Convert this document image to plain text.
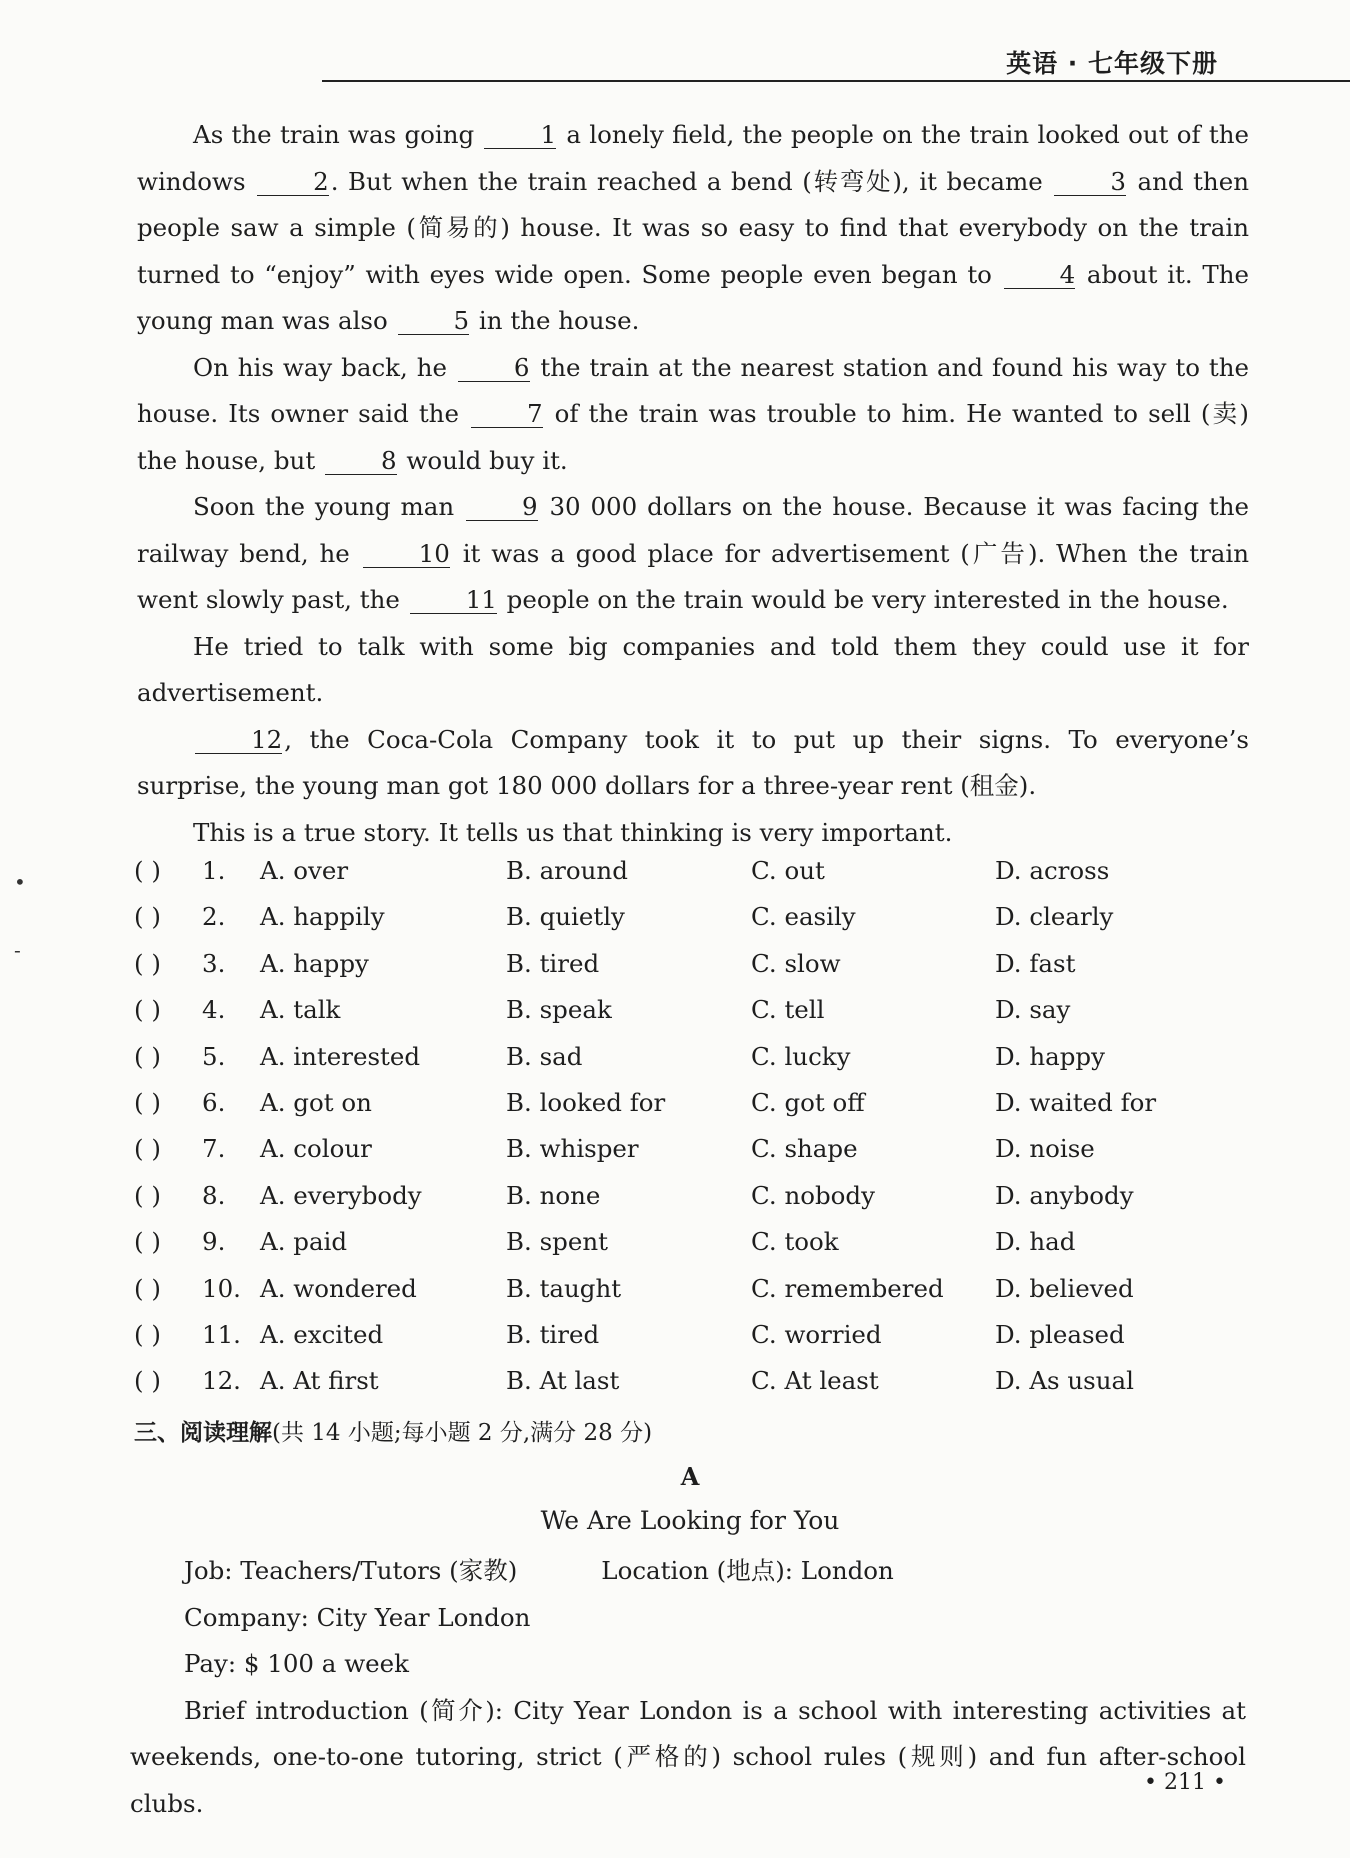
英语 · 七年级下册

As the train was going 1 a lonely field, the people on the train looked out of the windows 2. But when the train reached a bend (转弯处), it became 3 and then people saw a simple (简易的) house. It was so easy to find that everybody on the train turned to “enjoy” with eyes wide open. Some people even began to 4 about it. The young man was also 5 in the house.

On his way back, he 6 the train at the nearest station and found his way to the house. Its owner said the 7 of the train was trouble to him. He wanted to sell (卖) the house, but 8 would buy it.

Soon the young man 9 30 000 dollars on the house. Because it was facing the railway bend, he 10 it was a good place for advertisement (广告). When the train went slowly past, the 11 people on the train would be very interested in the house.

He tried to talk with some big companies and told them they could use it for advertisement.

12, the Coca-Cola Company took it to put up their signs. To everyone’s surprise, the young man got 180 000 dollars for a three-year rent (租金).

This is a true story. It tells us that thinking is very important.

( ) 1. A. over	B. around	C. out	D. across
( ) 2. A. happily	B. quietly	C. easily	D. clearly
( ) 3. A. happy	B. tired	C. slow	D. fast
( ) 4. A. talk	B. speak	C. tell	D. say
( ) 5. A. interested	B. sad	C. lucky	D. happy
( ) 6. A. got on	B. looked for	C. got off	D. waited for
( ) 7. A. colour	B. whisper	C. shape	D. noise
( ) 8. A. everybody	B. none	C. nobody	D. anybody
( ) 9. A. paid	B. spent	C. took	D. had
( ) 10. A. wondered	B. taught	C. remembered D. believed
( ) 11. A. excited	B. tired	C. worried	D. pleased
( ) 12. A. At first	B. At last	C. At least	D. As usual
三、阅读理解(共 14 小题;每小题 2 分,满分 28 分)
A
We Are Looking for You

Job: Teachers/Tutors (家教)	Location (地点): London

Company: City Year London

Pay: $ 100 a week

Brief introduction (简介): City Year London is a school with interesting activities at weekends, one-to-one tutoring, strict (严格的) school rules (规则) and fun after-school clubs.

• 211 •
•
-
